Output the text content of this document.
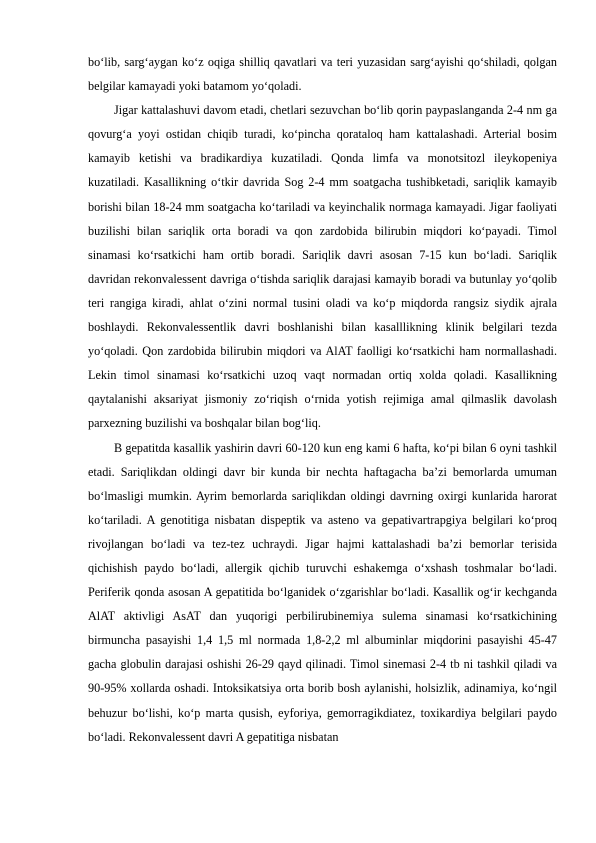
bo‘lib, sarg‘aygan ko‘z oqiga shilliq qavatlari va teri yuzasidan sarg‘ayishi qo‘shiladi, qolgan belgilar kamayadi yoki batamom yo‘qoladi.

Jigar kattalashuvi davom etadi, chetlari sezuvchan bo‘lib qorin paypaslanganda 2-4 nm ga qovurg‘a yoyi ostidan chiqib turadi, ko‘pincha qorataloq ham kattalashadi. Arterial bosim kamayib ketishi va bradikardiya kuzatiladi. Qonda limfa va monotsitozl ileykopeniya kuzatiladi. Kasallikning o‘tkir davrida Sog 2-4 mm soatgacha tushibketadi, sariqlik kamayib borishi bilan 18-24 mm soatgacha ko‘tariladi va keyinchalik normaga kamayadi. Jigar faoliyati buzilishi bilan sariqlik orta boradi va qon zardobida bilirubin miqdori ko‘payadi. Timol sinamasi ko‘rsatkichi ham ortib boradi. Sariqlik davri asosan 7-15 kun bo‘ladi. Sariqlik davridan rekonvalessent davriga o‘tishda sariqlik darajasi kamayib boradi va butunlay yo‘qolib teri rangiga kiradi, ahlat o‘zini normal tusini oladi va ko‘p miqdorda rangsiz siydik ajrala boshlaydi. Rekonvalessentlik davri boshlanishi bilan kasalllikning klinik belgilari tezda yo‘qoladi. Qon zardobida bilirubin miqdori va AlAT faolligi ko‘rsatkichi ham normallashadi. Lekin timol sinamasi ko‘rsatkichi uzoq vaqt normadan ortiq xolda qoladi. Kasallikning qaytalanishi aksariyat jismoniy zo‘riqish o‘rnida yotish rejimiga amal qilmaslik davolash parxezning buzilishi va boshqalar bilan bog‘liq.

B gepatitda kasallik yashirin davri 60-120 kun eng kami 6 hafta, ko‘pi bilan 6 oyni tashkil etadi. Sariqlikdan oldingi davr bir kunda bir nechta haftagacha ba’zi bemorlarda umuman bo‘lmasligi mumkin. Ayrim bemorlarda sariqlikdan oldingi davrning oxirgi kunlarida harorat ko‘tariladi. A genotitiga nisbatan dispeptik va asteno va gepativartrapgiya belgilari ko‘proq rivojlangan bo‘ladi va tez-tez uchraydi. Jigar hajmi kattalashadi ba’zi bemorlar terisida qichishish paydo bo‘ladi, allergik qichib turuvchi eshakemga o‘xshash toshmalar bo‘ladi. Periferik qonda asosan A gepatitida bo‘lganidek o‘zgarishlar bo‘ladi. Kasallik og‘ir kechganda AlAT aktivligi AsAT dan yuqorigi perbilirubinemiya sulema sinamasi ko‘rsatkichining birmuncha pasayishi 1,4 1,5 ml normada 1,8-2,2 ml albuminlar miqdorini pasayishi 45-47 gacha globulin darajasi oshishi 26-29 qayd qilinadi. Timol sinemasi 2-4 tb ni tashkil qiladi va 90-95% xollarda oshadi. Intoksikatsiya orta borib bosh aylanishi, holsizlik, adinamiya, ko‘ngil behuzur bo‘lishi, ko‘p marta qusish, eyforiya, gemorragikdiatez, toxikardiya belgilari paydo bo‘ladi. Rekonvalessent davri A gepatitiga nisbatan
